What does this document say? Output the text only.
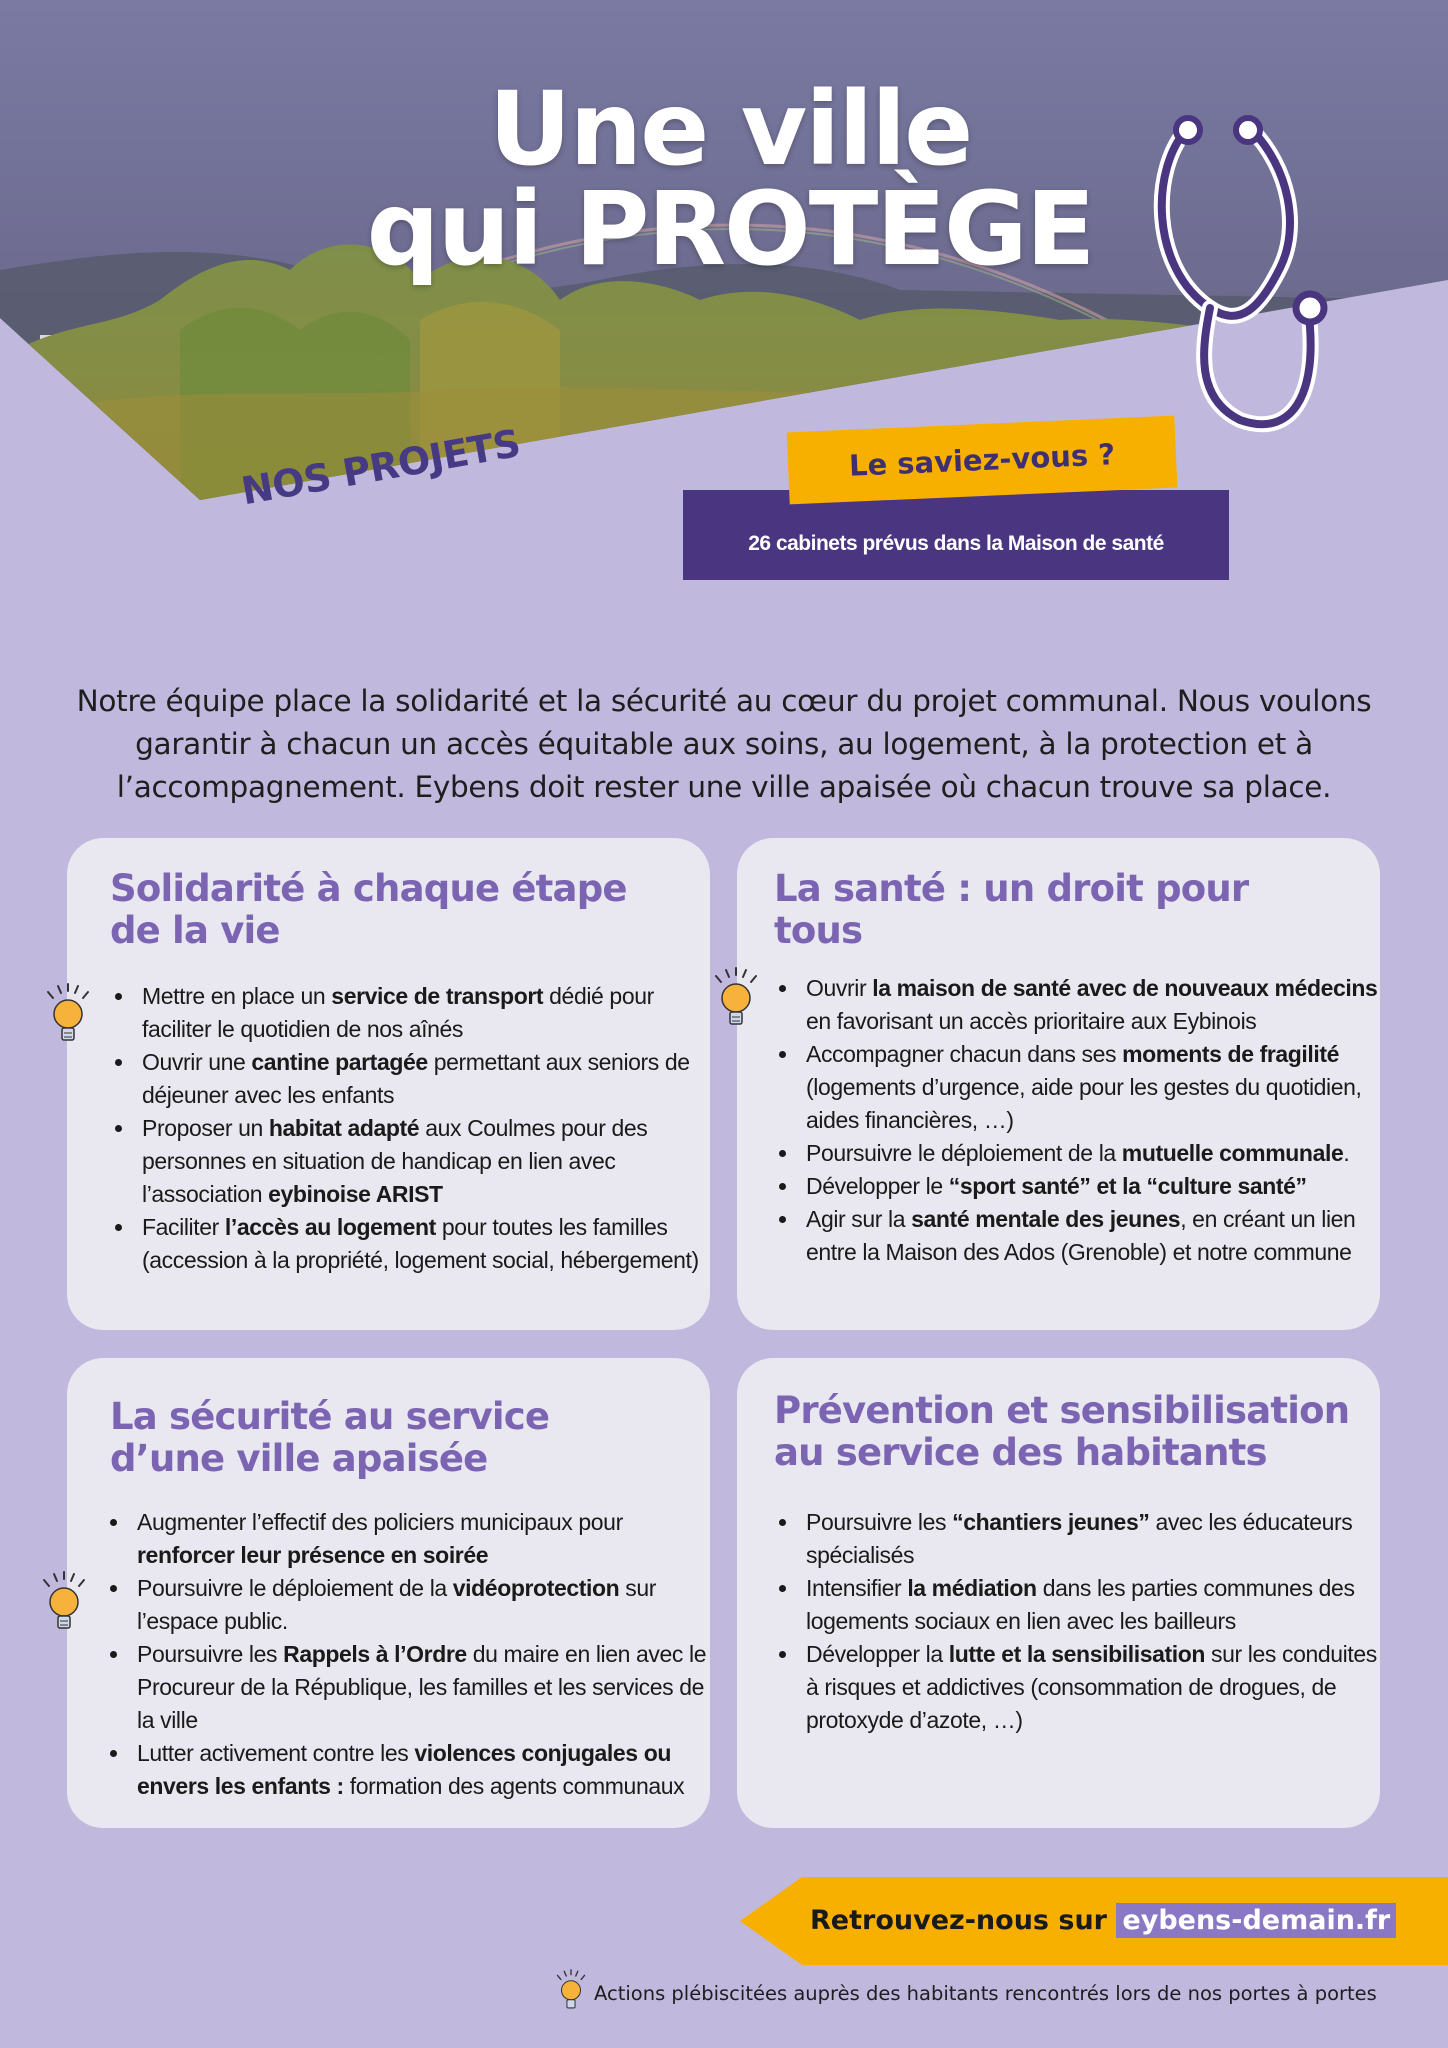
Une ville
qui PROTÈGE
NOS PROJETS	Le saviez-vous ?
26 cabinets prévus dans la Maison de santé

Notre équipe place la solidarité et la sécurité au cœur du projet communal. Nous voulons garantir à chacun un accès équitable aux soins, au logement, à la protection et à l’accompagnement. Eybens doit rester une ville apaisée où chacun trouve sa place.

Solidarité à chaque étape de la vie
• Mettre en place un service de transport dédié pour faciliter le quotidien de nos aînés
• Ouvrir une cantine partagée permettant aux seniors de déjeuner avec les enfants
• Proposer un habitat adapté aux Coulmes pour des personnes en situation de handicap en lien avec l’association eybinoise ARIST
• Faciliter l’accès au logement pour toutes les familles (accession à la propriété, logement social, hébergement)
La santé : un droit pour tous
• Ouvrir la maison de santé avec de nouveaux médecins en favorisant un accès prioritaire aux Eybinois
• Accompagner chacun dans ses moments de fragilité (logements d’urgence, aide pour les gestes du quotidien, aides financières, …)
• Poursuivre le déploiement de la mutuelle communale.
• Développer le “sport santé” et la “culture santé”
• Agir sur la santé mentale des jeunes, en créant un lien entre la Maison des Ados (Grenoble) et notre commune
La sécurité au service d’une ville apaisée
• Augmenter l’effectif des policiers municipaux pour renforcer leur présence en soirée
• Poursuivre le déploiement de la vidéoprotection sur l’espace public.
• Poursuivre les Rappels à l’Ordre du maire en lien avec le Procureur de la République, les familles et les services de la ville
• Lutter activement contre les violences conjugales ou envers les enfants : formation des agents communaux
Prévention et sensibilisation au service des habitants
• Poursuivre les “chantiers jeunes” avec les éducateurs spécialisés
• Intensifier la médiation dans les parties communes des logements sociaux en lien avec les bailleurs
• Développer la lutte et la sensibilisation sur les conduites à risques et addictives (consommation de drogues, de protoxyde d’azote, …)
Retrouvez-nous sur eybens-demain.fr
Actions plébiscitées auprès des habitants rencontrés lors de nos portes à portes
